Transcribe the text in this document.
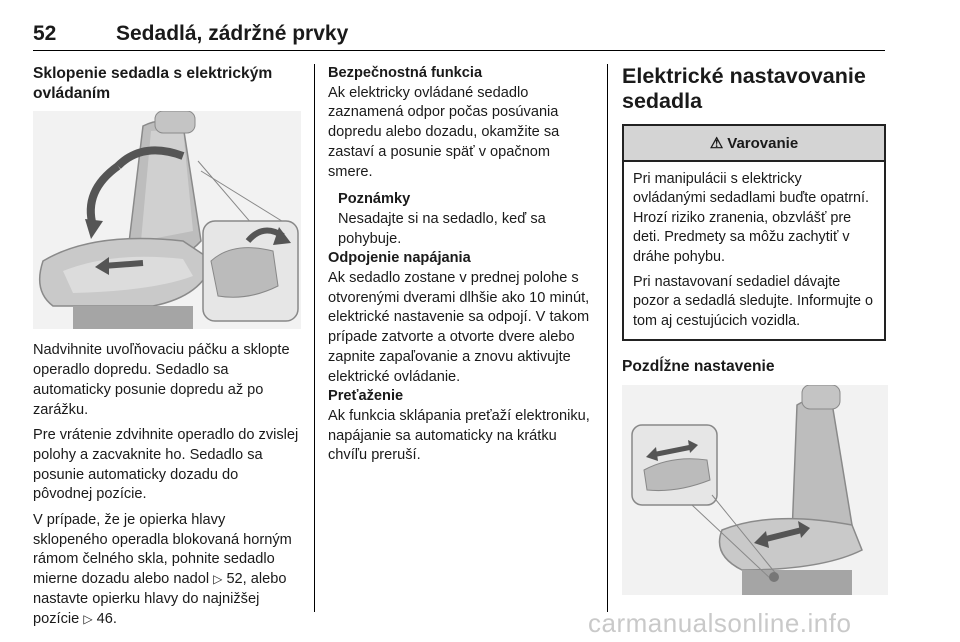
52	Sedadlá, zádržné prvky
Sklopenie sedadla s elektrickým ovládaním

Nadvihnite uvoľňovaciu páčku a sklopte operadlo dopredu. Sedadlo sa automaticky posunie dopredu až po zarážku.

Pre vrátenie zdvihnite operadlo do zvislej polohy a zacvaknite ho. Sedadlo sa posunie automaticky dozadu do pôvodnej pozície.

V prípade, že je opierka hlavy sklopeného operadla blokovaná horným rámom čelného skla, pohnite sedadlo mierne dozadu alebo nadol ▷ 52, alebo nastavte opierku hlavy do najnižšej pozície ▷ 46.

Bezpečnostná funkcia

Ak elektricky ovládané sedadlo zaznamená odpor počas posúvania dopredu alebo dozadu, okamžite sa zastaví a posunie späť v opačnom smere.

Poznámky

Nesadajte si na sedadlo, keď sa pohybuje.

Odpojenie napájania

Ak sedadlo zostane v prednej polohe s otvorenými dverami dlhšie ako 10 minút, elektrické nastavenie sa odpojí. V takom prípade zatvorte a otvorte dvere alebo zapnite zapaľovanie a znovu aktivujte elektrické ovládanie.

Preťaženie

Ak funkcia sklápania preťaží elektroniku, napájanie sa automaticky na krátku chvíľu preruší.

Elektrické nastavovanie sedadla
⚠ Varovanie

Pri manipulácii s elektricky ovládanými sedadlami buďte opatrní. Hrozí riziko zranenia, obzvlášť pre deti. Predmety sa môžu zachytiť v dráhe pohybu.

Pri nastavovaní sedadiel dávajte pozor a sedadlá sledujte. Informujte o tom aj cestujúcich vozidla.

Pozdĺžne nastavenie
carmanualsonline.info
